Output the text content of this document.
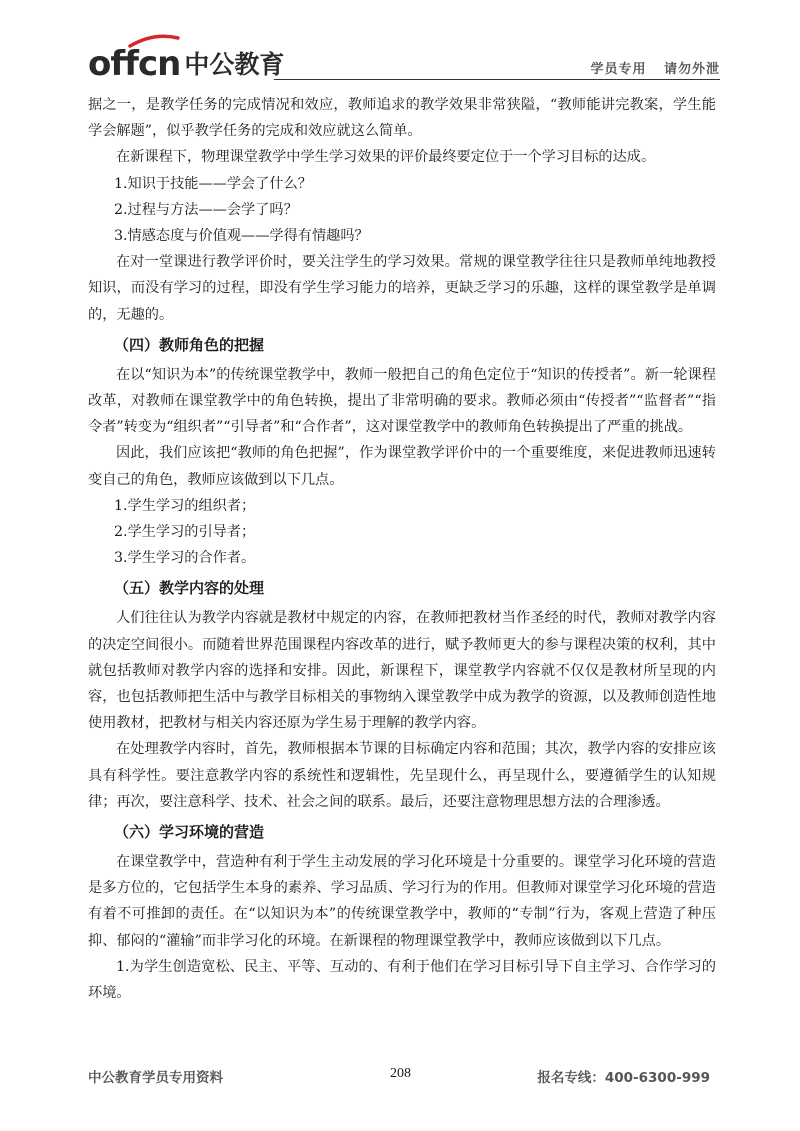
offcn 中公教育	学员专用 请勿外泄

据之一，是教学任务的完成情况和效应，教师追求的教学效果非常狭隘，“教师能讲完教案，学生能学会解题”，似乎教学任务的完成和效应就这么简单。

在新课程下，物理课堂教学中学生学习效果的评价最终要定位于一个学习目标的达成。

1.知识于技能——学会了什么？

2.过程与方法——会学了吗？

3.情感态度与价值观——学得有情趣吗？

在对一堂课进行教学评价时，要关注学生的学习效果。常规的课堂教学往往只是教师单纯地教授知识，而没有学习的过程，即没有学生学习能力的培养，更缺乏学习的乐趣，这样的课堂教学是单调的，无趣的。

（四）教师角色的把握

在以“知识为本”的传统课堂教学中，教师一般把自己的角色定位于“知识的传授者”。新一轮课程改革，对教师在课堂教学中的角色转换，提出了非常明确的要求。教师必须由“传授者”“监督者”“指令者”转变为“组织者”“引导者”和“合作者”，这对课堂教学中的教师角色转换提出了严重的挑战。

因此，我们应该把“教师的角色把握”，作为课堂教学评价中的一个重要维度，来促进教师迅速转变自己的角色，教师应该做到以下几点。

1.学生学习的组织者；

2.学生学习的引导者；

3.学生学习的合作者。

（五）教学内容的处理

人们往往认为教学内容就是教材中规定的内容，在教师把教材当作圣经的时代，教师对教学内容的决定空间很小。而随着世界范围课程内容改革的进行，赋予教师更大的参与课程决策的权利，其中就包括教师对教学内容的选择和安排。因此，新课程下，课堂教学内容就不仅仅是教材所呈现的内容，也包括教师把生活中与教学目标相关的事物纳入课堂教学中成为教学的资源，以及教师创造性地使用教材，把教材与相关内容还原为学生易于理解的教学内容。

在处理教学内容时，首先，教师根据本节课的目标确定内容和范围；其次，教学内容的安排应该具有科学性。要注意教学内容的系统性和逻辑性，先呈现什么，再呈现什么，要遵循学生的认知规律；再次，要注意科学、技术、社会之间的联系。最后，还要注意物理思想方法的合理渗透。

（六）学习环境的营造

在课堂教学中，营造种有利于学生主动发展的学习化环境是十分重要的。课堂学习化环境的营造是多方位的，它包括学生本身的素养、学习品质、学习行为的作用。但教师对课堂学习化环境的营造有着不可推卸的责任。在“以知识为本”的传统课堂教学中，教师的“专制”行为，客观上营造了种压抑、郁闷的“灌输”而非学习化的环境。在新课程的物理课堂教学中，教师应该做到以下几点。

1.为学生创造宽松、民主、平等、互动的、有利于他们在学习目标引导下自主学习、合作学习的环境。

中公教育学员专用资料	208	报名专线：400-6300-999
